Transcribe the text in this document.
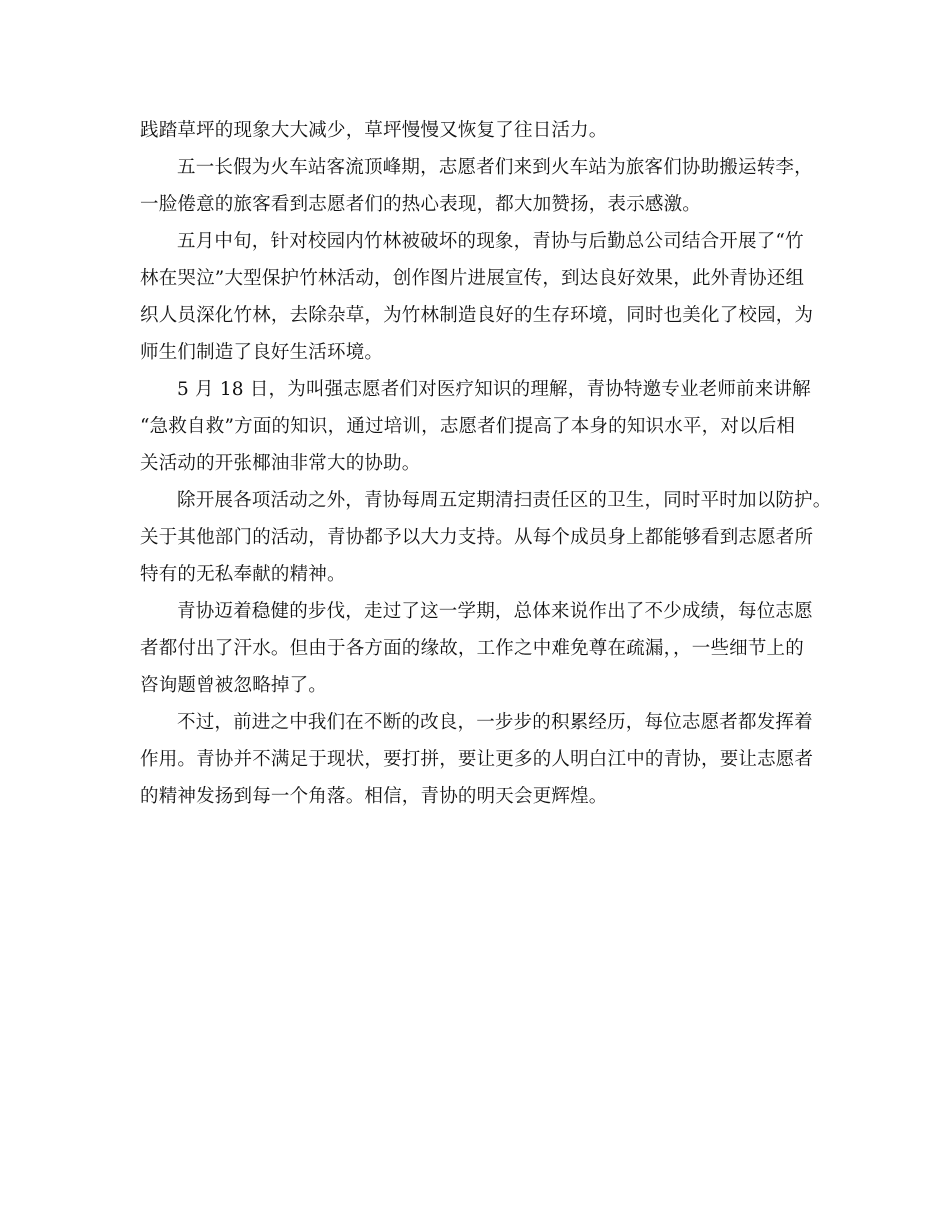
践踏草坪的现象大大减少，草坪慢慢又恢复了往日活力。
五一长假为火车站客流顶峰期，志愿者们来到火车站为旅客们协助搬运转李，
一脸倦意的旅客看到志愿者们的热心表现，都大加赞扬，表示感激。
五月中旬，针对校园内竹林被破坏的现象，青协与后勤总公司结合开展了“竹
林在哭泣”大型保护竹林活动，创作图片进展宣传，到达良好效果，此外青协还组
织人员深化竹林，去除杂草，为竹林制造良好的生存环境，同时也美化了校园，为
师生们制造了良好生活环境。
5 月 18 日，为叫强志愿者们对医疗知识的理解，青协特邀专业老师前来讲解
“急救自救”方面的知识，通过培训，志愿者们提高了本身的知识水平，对以后相
关活动的开张椰油非常大的协助。
除开展各项活动之外，青协每周五定期清扫责任区的卫生，同时平时加以防护。
关于其他部门的活动，青协都予以大力支持。从每个成员身上都能够看到志愿者所
特有的无私奉献的精神。
青协迈着稳健的步伐，走过了这一学期，总体来说作出了不少成绩，每位志愿
者都付出了汗水。但由于各方面的缘故，工作之中难免尊在疏漏，，一些细节上的
咨询题曾被忽略掉了。
不过，前进之中我们在不断的改良，一步步的积累经历，每位志愿者都发挥着
作用。青协并不满足于现状，要打拼，要让更多的人明白江中的青协，要让志愿者
的精神发扬到每一个角落。相信，青协的明天会更辉煌。
